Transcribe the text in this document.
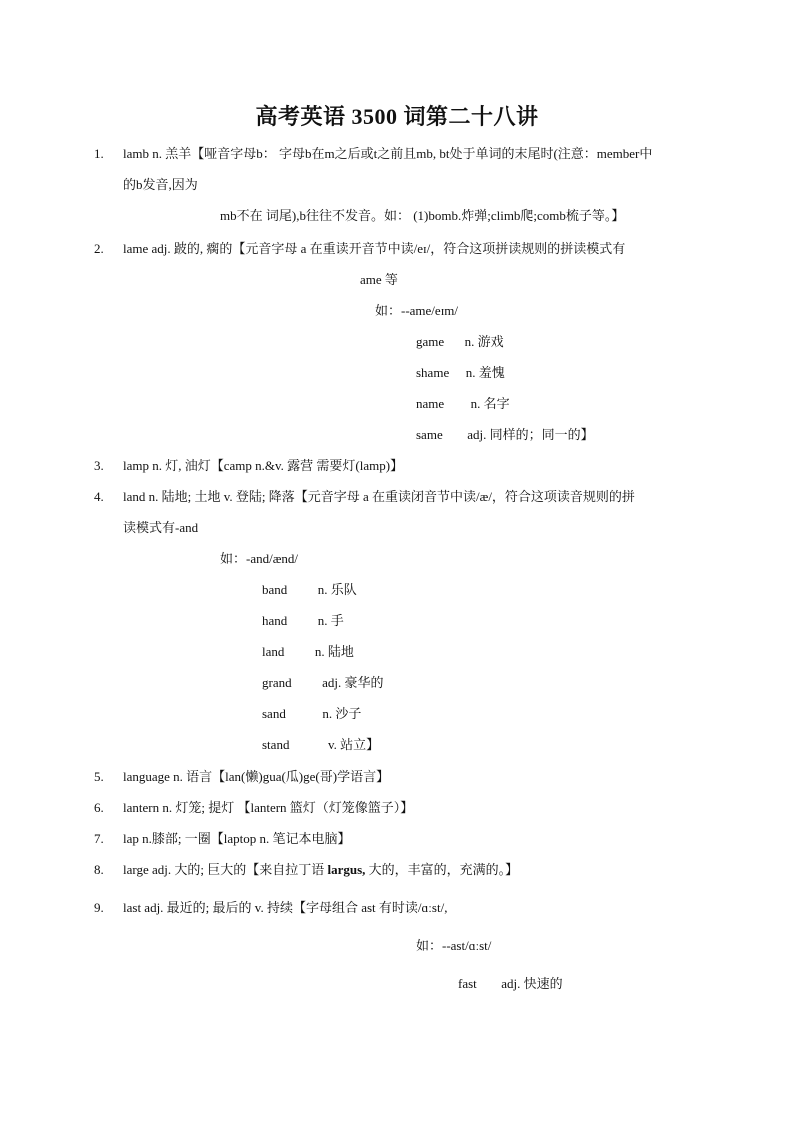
高考英语 3500 词第二十八讲
1. lamb n. 羔羊【哑音字母b： 字母b在m之后或t之前且mb, bt处于单词的末尾时(注意：member中
的b发音,因为
mb不在 词尾),b往往不发音。如： (1)bomb.炸弹;climb爬;comb梳子等。】
2. lame adj. 跛的, 瘸的【元音字母 a 在重读开音节中读/eɪ/，符合这项拼读规则的拼读模式有
ame 等
如：--ame/eɪm/
game n. 游戏
shame n. 羞愧
name n. 名字
same adj. 同样的；同一的】
3. lamp n. 灯, 油灯【camp n.&v. 露营 需要灯(lamp)】
4. land n. 陆地; 土地 v. 登陆; 降落【元音字母 a 在重读闭音节中读/æ/，符合这项读音规则的拼
读模式有-and
如：-and/ænd/
band n. 乐队
hand n. 手
land n. 陆地
grand adj. 豪华的
sand	n. 沙子
stand	v. 站立】
5. language n. 语言【lan(懒)gua(瓜)ge(哥)学语言】
6. lantern n. 灯笼; 提灯 【lantern 篮灯（灯笼像篮子）】
7. lap n.膝部; 一圈【laptop n. 笔记本电脑】
8. large adj. 大的; 巨大的【来自拉丁语 largus, 大的，丰富的，充满的。】
9. last adj. 最近的; 最后的 v. 持续【字母组合 ast 有时读/ɑːst/,
如：--ast/ɑːst/
fast adj. 快速的
